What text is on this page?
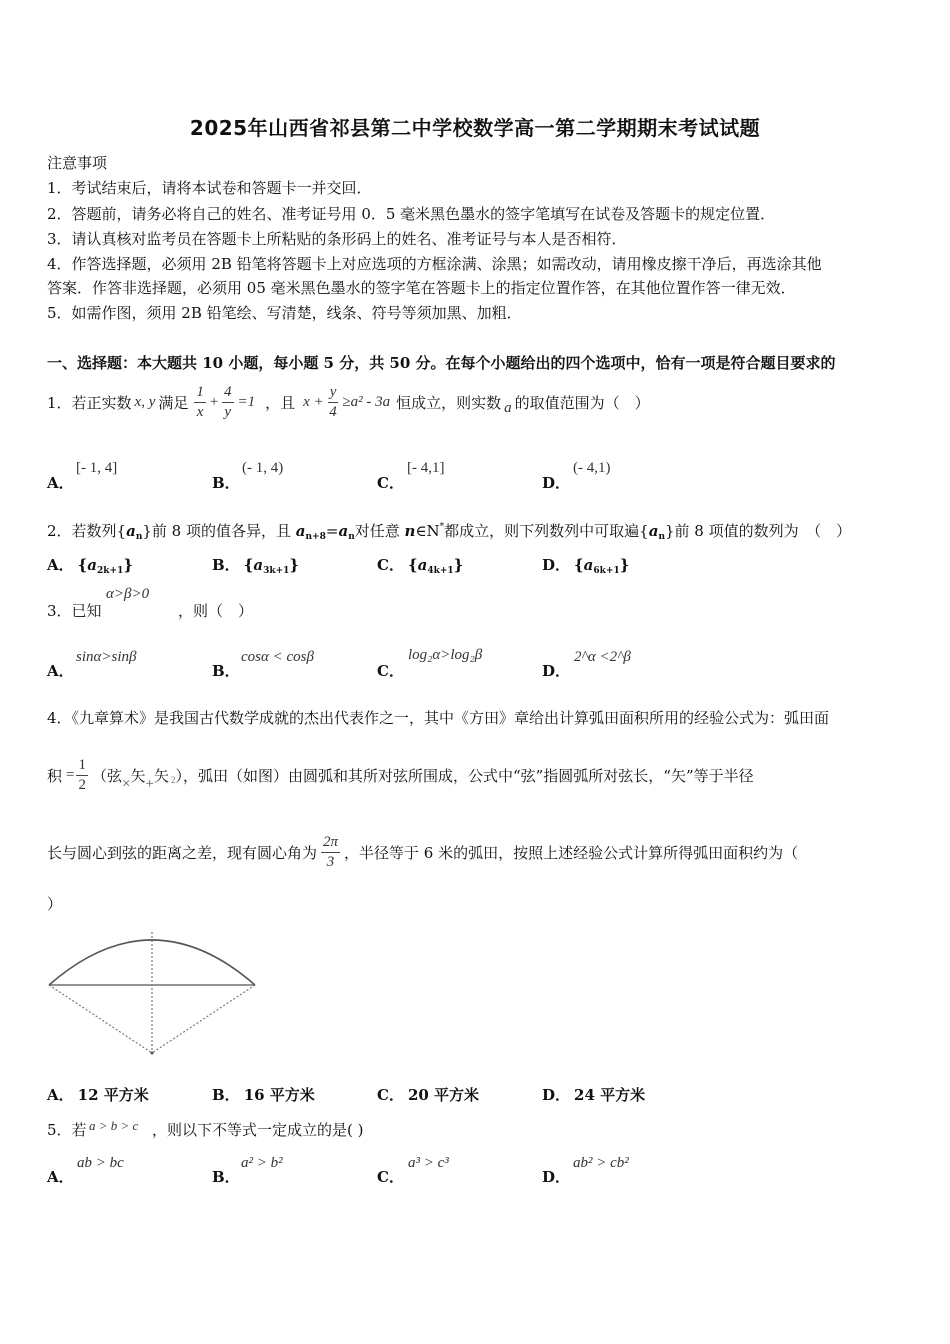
2025年山西省祁县第二中学校数学高一第二学期期末考试试题
注意事项
1．考试结束后，请将本试卷和答题卡一并交回．
2．答题前，请务必将自己的姓名、准考证号用 0．5 毫米黑色墨水的签字笔填写在试卷及答题卡的规定位置．
3．请认真核对监考员在答题卡上所粘贴的条形码上的姓名、准考证号与本人是否相符．
4．作答选择题，必须用 2B 铅笔将答题卡上对应选项的方框涂满、涂黑；如需改动，请用橡皮擦干净后，再选涂其他
答案．作答非选择题，必须用 05 毫米黑色墨水的签字笔在答题卡上的指定位置作答，在其他位置作答一律无效．
5．如需作图，须用 2B 铅笔绘、写清楚，线条、符号等须加黑、加粗．
一、选择题：本大题共 10 小题，每小题 5 分，共 50 分。在每个小题给出的四个选项中，恰有一项是符合题目要求的
1．若正实数 x, y 满足 $\frac{1}{x} + \frac{4}{y} =1$ ，且 $x + \frac{y}{4} \ge a^2 - 3a$ 恒成立，则实数 a 的取值范围为（　）
A．
[- 1, 4]
B．
(- 1, 4)
C．
[- 4,1]
D．
(- 4,1)
2．若数列$\{a_n\}$前 8 项的值各异，且 $a_{n+8}=a_n$对任意 n∈N*都成立，则下列数列中可取遍$\{a_n\}$前 8 项值的数列为　（　）
A． $\{a_{2k+1}\}$	B． $\{a_{3k+1}\}$	C． $\{a_{4k+1}\}$	D． $\{a_{6k+1}\}$
3．已知
α>β>0
，则（　）
A．
sinα>sinβ
B．
cosα < cosβ
C．
log₂α>log₂β
D．
2^α <2^β
4．《九章算术》是我国古代数学成就的杰出代表作之一，其中《方田》章给出计算弧田面积所用的经验公式为：弧田面
积 = $\frac{1}{2}$ （弦 × 矢 + 矢 2 ），弧田（如图）由圆弧和其所对弦所围成，公式中“弦”指圆弧所对弦长，“矢”等于半径
长与圆心到弦的距离之差，现有圆心角为 $\frac{2\pi}{3}$ ，半径等于 6 米的弧田，按照上述经验公式计算所得弧田面积约为（
）
A． 12 平方米	B． 16 平方米	C． 20 平方米	D． 24 平方米
5．若 a > b > c ，则以下不等式一定成立的是( )
A．
ab > bc
B．
a² > b²
C．
a³ > c³
D．
ab² > cb²
